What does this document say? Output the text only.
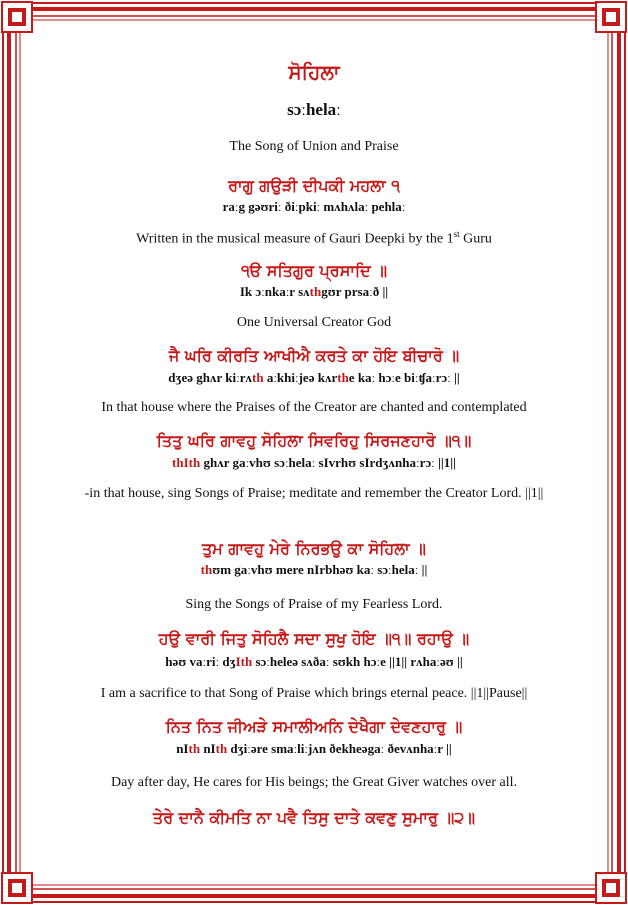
ਸੋਹਿਲਾ
sɔːhelaː
The Song of Union and Praise
ਰਾਗੁ ਗਉੜੀ ਦੀਪਕੀ ਮਹਲਾ ੧
raːg gəʊriː ðiːpkiː mʌhʌlaː pehlaː
Written in the musical measure of Gauri Deepki by the 1st Guru
੧ੳ ਸਤਿਗੁਰ ਪ੍ਰਸਾਦਿ ॥
Ik ɔːnkaːr sʌthgʊr prsaːð ||
One Universal Creator God
ਜੈ ਘਰਿ ਕੀਰਤਿ ਆਖੀਐ ਕਰਤੇ ਕਾ ਹੋਇ ਬੀਚਾਰੋ ॥
dʒeə ghʌr kiːrʌth aːkhiːjeə kʌrthe kaː hɔːe biːʧaːrɔː ||
In that house where the Praises of the Creator are chanted and contemplated
ਤਿਤੁ ਘਰਿ ਗਾਵਹੁ ਸੋਹਿਲਾ ਸਿਵਰਿਹੁ ਸਿਰਜਣਹਾਰੋ ॥੧॥
thIth ghʌr gaːvhʊ sɔːhelaː sIvrhʊ sIrdʒʌnhaːrɔː ||1||
-in that house, sing Songs of Praise; meditate and remember the Creator Lord. ||1||
ਤੁਮ ਗਾਵਹੁ ਮੇਰੇ ਨਿਰਭਉ ਕਾ ਸੋਹਿਲਾ ॥
thʊm gaːvhʊ mere nIrbhəʊ kaː sɔːhelaː ||
Sing the Songs of Praise of my Fearless Lord.
ਹਉ ਵਾਰੀ ਜਿਤੁ ਸੋਹਿਲੈ ਸਦਾ ਸੁਖੁ ਹੋਇ ॥੧॥ ਰਹਾਉ ॥
həʊ vaːriː dʒIth sɔːheleə sʌðaː sʊkh hɔːe ||1|| rʌhaːəʊ ||
I am a sacrifice to that Song of Praise which brings eternal peace. ||1||Pause||
ਨਿਤ ਨਿਤ ਜੀਅੜੇ ਸਮਾਲੀਅਨਿ ਦੇਖੈਗਾ ਦੇਵਣਹਾਰੁ ॥
nIth nIth dʒiːəre smaːliːjʌn ðekheəgaː ðevʌnhaːr ||
Day after day, He cares for His beings; the Great Giver watches over all.
ਤੇਰੇ ਦਾਨੈ ਕੀਮਤਿ ਨਾ ਪਵੈ ਤਿਸੁ ਦਾਤੇ ਕਵਣੁ ਸੁਮਾਰੁ ॥੨॥
